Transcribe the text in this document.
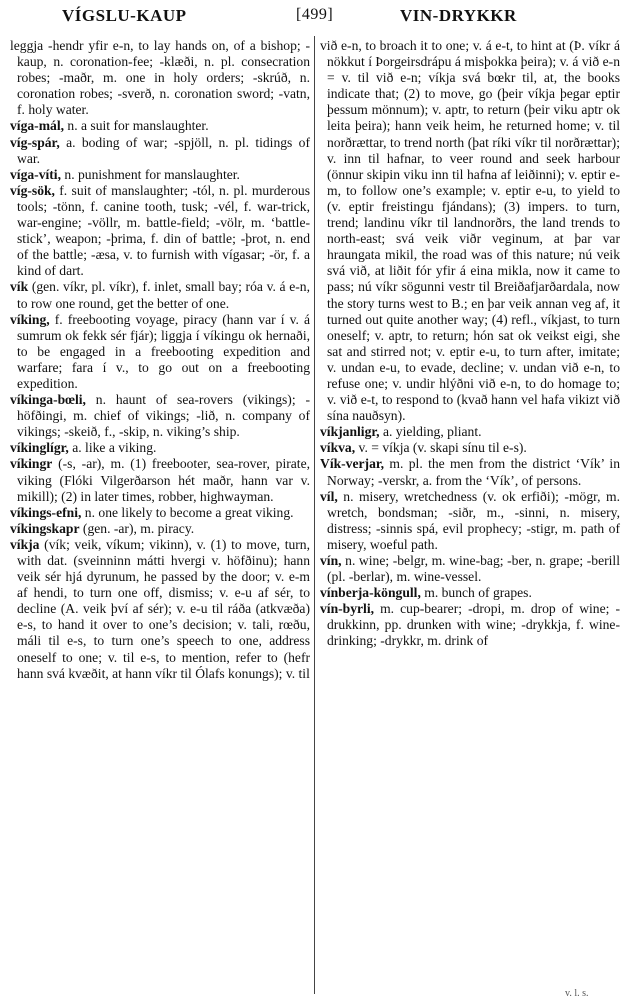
VÍGSLU-KAUP	[499]	VIN-DRYKKR

leggja -hendr yfir e-n, to lay hands on, of a bishop; -kaup, n. coronation-fee; -klæði, n. pl. consecration robes; -maðr, m. one in holy orders; -skrúð, n. coronation robes; -sverð, n. coronation sword; -vatn, f. holy water.

víga-mál, n. a suit for manslaughter.

víg-spár, a. boding of war; -spjöll, n. pl. tidings of war.

víga-víti, n. punishment for manslaughter.

víg-sök, f. suit of manslaughter; -tól, n. pl. murderous tools; -tönn, f. canine tooth, tusk; -vél, f. war-trick, war-engine; -völlr, m. battle-field; -völr, m. ‘battle-stick’, weapon; -þrima, f. din of battle; -þrot, n. end of the battle; -æsa, v. to furnish with vígasar; -ör, f. a kind of dart.

vík (gen. víkr, pl. víkr), f. inlet, small bay; róa v. á e-n, to row one round, get the better of one.

víking, f. freebooting voyage, piracy (hann var í v. á sumrum ok fekk sér fjár); liggja í víkingu ok hernaði, to be engaged in a freebooting expedition and warfare; fara í v., to go out on a freebooting expedition.

víkinga-bœli, n. haunt of sea-rovers (vikings); -höfðingi, m. chief of vikings; -lið, n. company of vikings; -skeið, f., -skip, n. viking’s ship.

víkinglígr, a. like a viking.

víkingr (-s, -ar), m. (1) freebooter, sea-rover, pirate, viking (Flóki Vilgerðarson hét maðr, hann var v. mikill); (2) in later times, robber, highwayman.

víkings-efni, n. one likely to become a great viking.

víkingskapr (gen. -ar), m. piracy.

víkja (vík; veik, víkum; vikinn), v. (1) to move, turn, with dat. (sveinninn mátti hvergi v. höfðinu); hann veik sér hjá dyrunum, he passed by the door; v. e-m af hendi, to turn one off, dismiss; v. e-u af sér, to decline (A. veik því af sér); v. e-u til ráða (atkvæða) e-s, to hand it over to one’s decision; v. tali, rœðu, máli til e-s, to turn one’s speech to one, address oneself to one; v. til e-s, to mention, refer to (hefr hann svá kvæðit, at hann víkr til Ólafs konungs); v. til

við e-n, to broach it to one; v. á e-t, to hint at (Þ. víkr á nökkut í Þorgeirsdrápu á misþokka þeira); v. á við e-n = v. til við e-n; víkja svá bœkr til, at, the books indicate that; (2) to move, go (þeir víkja þegar eptir þessum mönnum); v. aptr, to return (þeir viku aptr ok leita þeira); hann veik heim, he returned home; v. til norðrættar, to trend north (þat ríki víkr til norðrættar); v. inn til hafnar, to veer round and seek harbour (önnur skipin viku inn til hafna af leiðinni); v. eptir e-m, to follow one’s example; v. eptir e-u, to yield to (v. eptir freistingu fjándans); (3) impers. to turn, trend; landinu víkr til landnorðrs, the land trends to north-east; svá veik viðr veginum, at þar var hraungata mikil, the road was of this nature; nú veik svá við, at liðit fór yfir á eina mikla, now it came to pass; nú víkr sögunni vestr til Breiðafjarðardala, now the story turns west to B.; en þar veik annan veg af, it turned out quite another way; (4) refl., víkjast, to turn oneself; v. aptr, to return; hón sat ok veikst eigi, she sat and stirred not; v. eptir e-u, to turn after, imitate; v. undan e-u, to evade, decline; v. undan við e-n, to refuse one; v. undir hlýðni við e-n, to do homage to; v. við e-t, to respond to (kvað hann vel hafa vikizt við sína nauðsyn).

víkjanligr, a. yielding, pliant.

víkva, v. = víkja (v. skapi sínu til e-s).

Vík-verjar, m. pl. the men from the district ‘Vík’ in Norway; -verskr, a. from the ‘Vík’, of persons.

víl, n. misery, wretchedness (v. ok erfiði); -mögr, m. wretch, bondsman; -siðr, m., -sinni, n. misery, distress; -sinnis spá, evil prophecy; -stigr, m. path of misery, woeful path.

vín, n. wine; -belgr, m. wine-bag; -ber, n. grape; -berill (pl. -berlar), m. wine-vessel.

vínberja-köngull, m. bunch of grapes.

vín-byrli, m. cup-bearer; -dropi, m. drop of wine; -drukkinn, pp. drunken with wine; -drykkja, f. wine-drinking; -drykkr, m. drink of

v. l. s.
